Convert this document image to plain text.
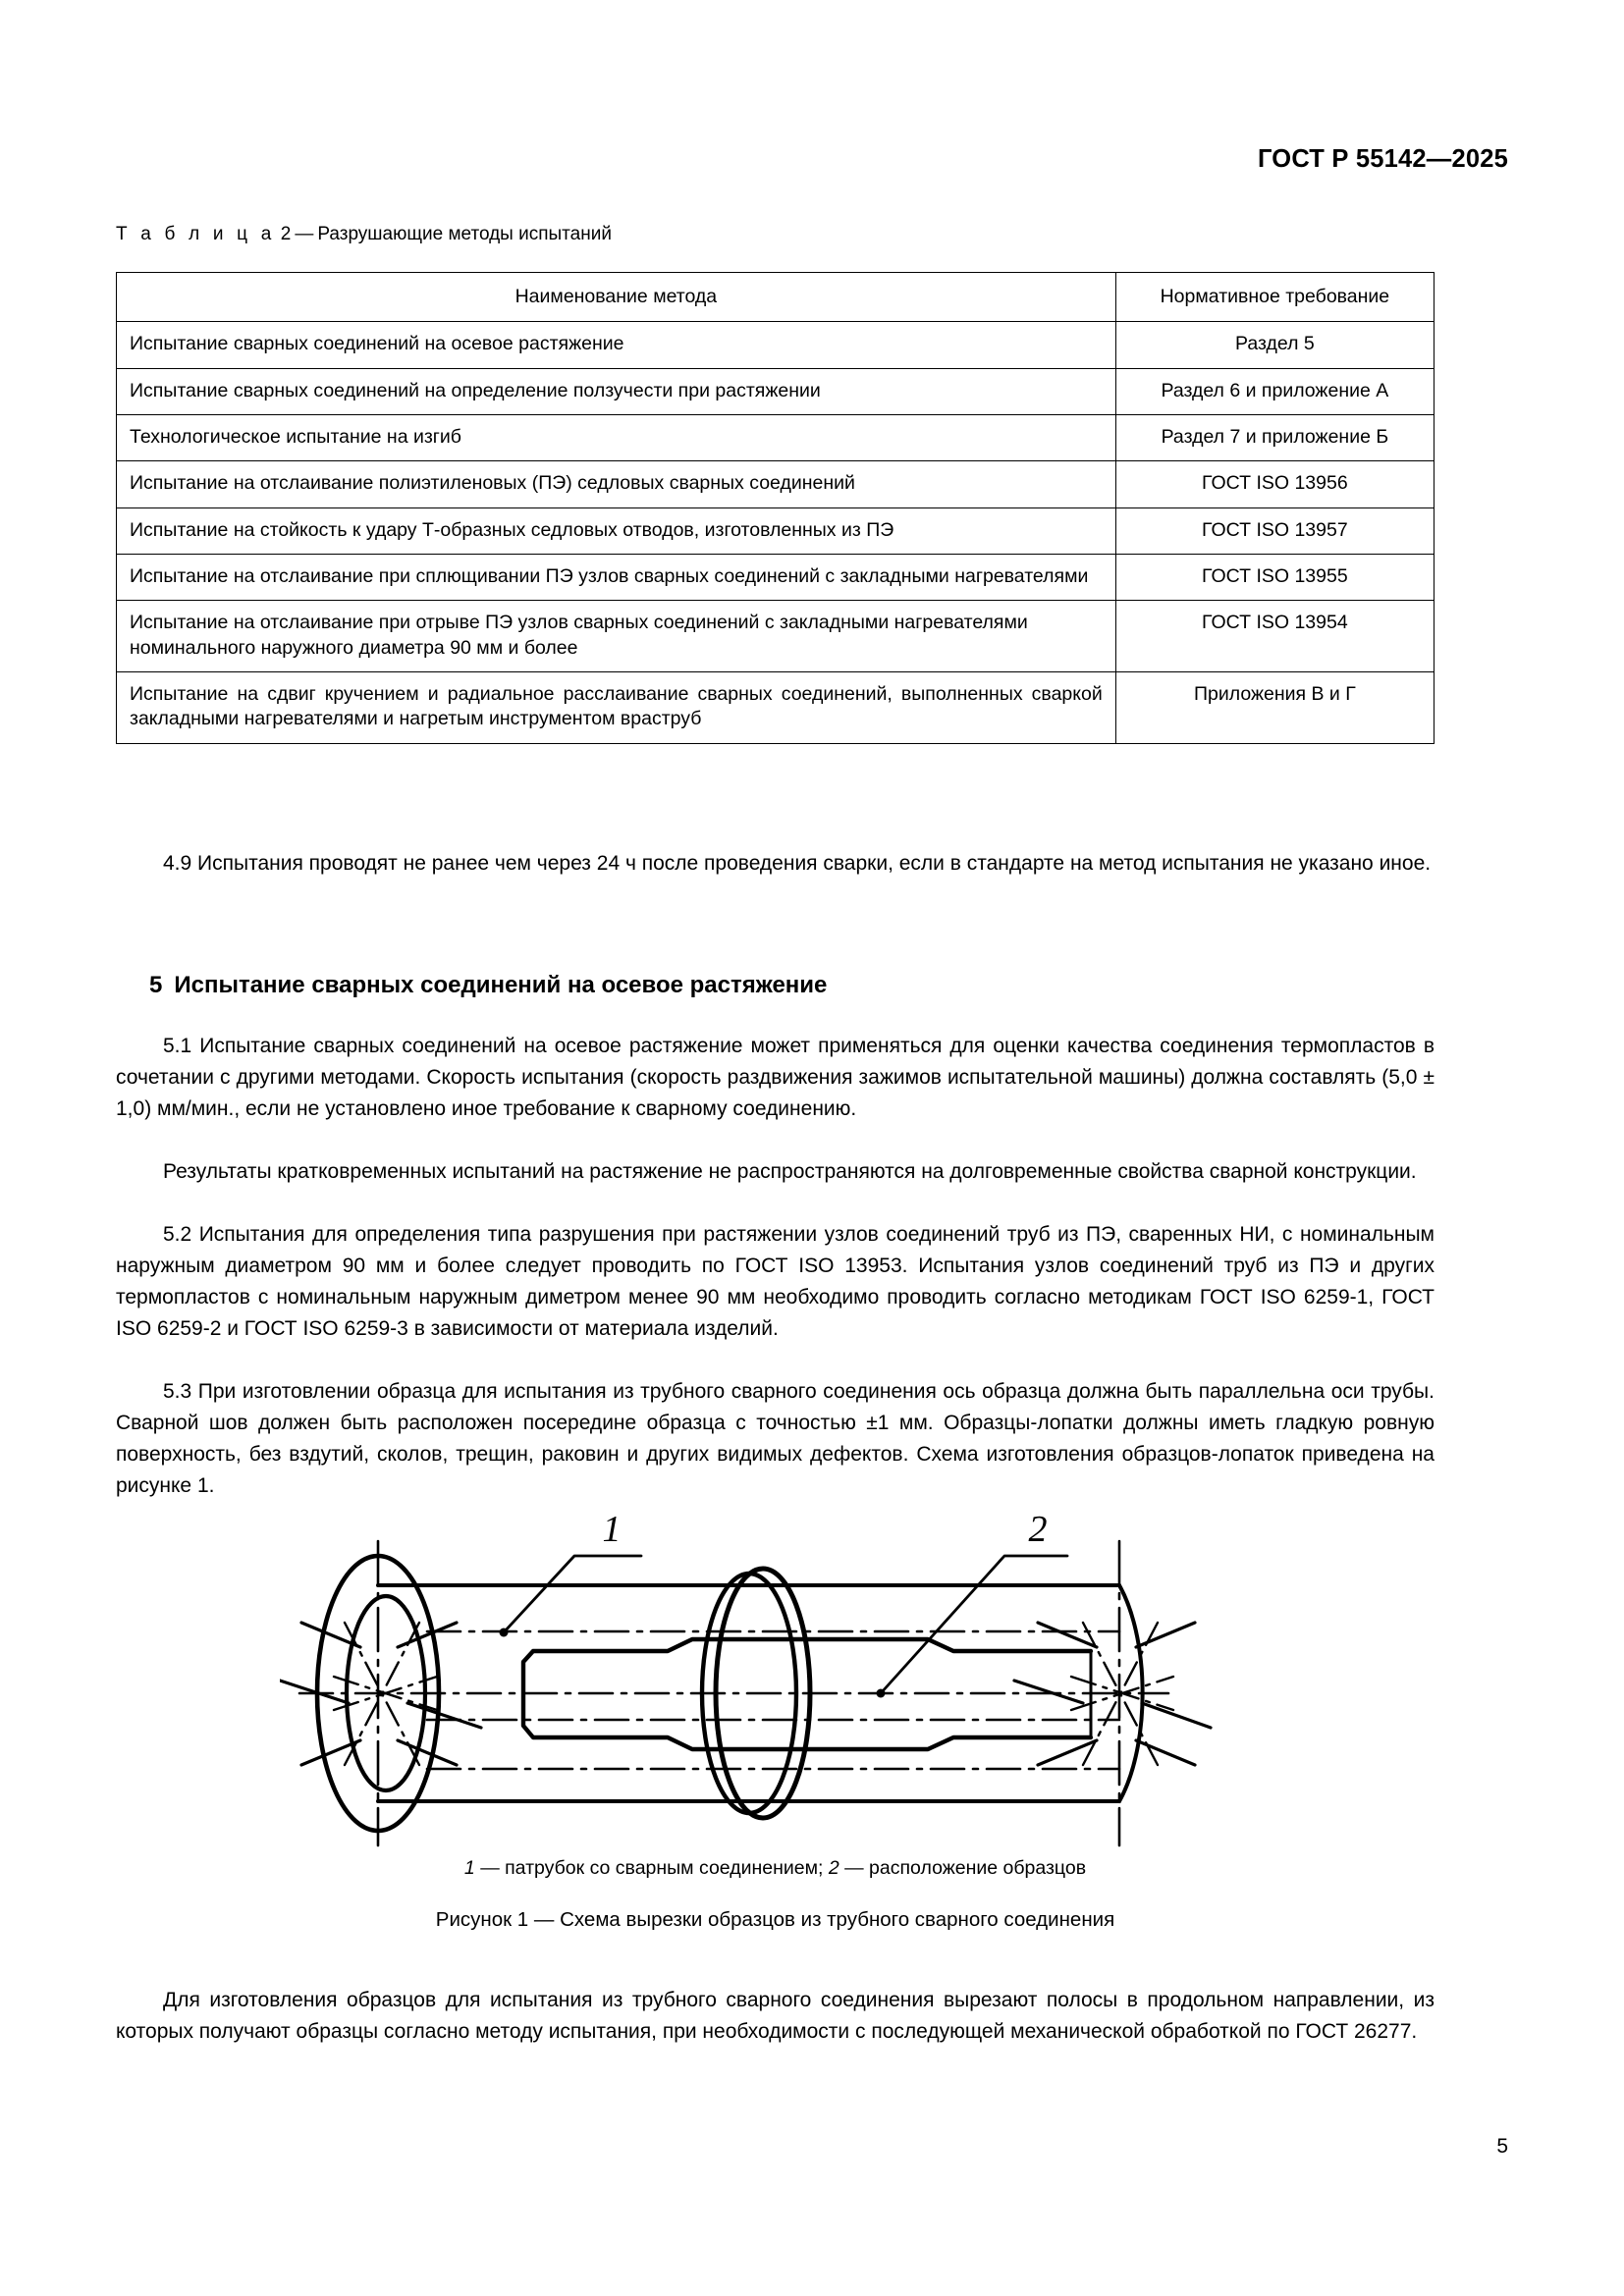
ГОСТ Р 55142—2025
Т а б л и ц а 2 — Разрушающие методы испытаний
Наименование метода	Нормативное требование
Испытание сварных соединений на осевое растяжение	Раздел 5
Испытание сварных соединений на определение ползучести при растяжении	Раздел 6 и приложение А
Технологическое испытание на изгиб	Раздел 7 и приложение Б
Испытание на отслаивание полиэтиленовых (ПЭ) седловых сварных соединений	ГОСТ ISO 13956
Испытание на стойкость к удару Т-образных седловых отводов, изготовленных из ПЭ	ГОСТ ISO 13957
Испытание на отслаивание при сплющивании ПЭ узлов сварных соединений с закладными нагревателями	ГОСТ ISO 13955
Испытание на отслаивание при отрыве ПЭ узлов сварных соединений с закладными нагревателями номинального наружного диаметра 90 мм и более	ГОСТ ISO 13954
Испытание на сдвиг кручением и радиальное расслаивание сварных соединений, выполненных сваркой закладными нагревателями и нагретым инструментом враструб	Приложения В и Г
4.9 Испытания проводят не ранее чем через 24 ч после проведения сварки, если в стандарте на метод испытания не указано иное.
5 Испытание сварных соединений на осевое растяжение
5.1 Испытание сварных соединений на осевое растяжение может применяться для оценки качества соединения термопластов в сочетании с другими методами. Скорость испытания (скорость раздвижения зажимов испытательной машины) должна составлять (5,0 ± 1,0) мм/мин., если не установлено иное требование к сварному соединению.
Результаты кратковременных испытаний на растяжение не распространяются на долговременные свойства сварной конструкции.
5.2 Испытания для определения типа разрушения при растяжении узлов соединений труб из ПЭ, сваренных НИ, с номинальным наружным диаметром 90 мм и более следует проводить по ГОСТ ISO 13953. Испытания узлов соединений труб из ПЭ и других термопластов с номинальным наружным диметром менее 90 мм необходимо проводить согласно методикам ГОСТ ISO 6259-1, ГОСТ ISO 6259-2 и ГОСТ ISO 6259-3 в зависимости от материала изделий.
5.3 При изготовлении образца для испытания из трубного сварного соединения ось образца должна быть параллельна оси трубы. Сварной шов должен быть расположен посередине образца с точностью ±1 мм. Образцы-лопатки должны иметь гладкую ровную поверхность, без вздутий, сколов, трещин, раковин и других видимых дефектов. Схема изготовления образцов-лопаток приведена на рисунке 1.
1	2
1 — патрубок со сварным соединением; 2 — расположение образцов
Рисунок 1 — Схема вырезки образцов из трубного сварного соединения
Для изготовления образцов для испытания из трубного сварного соединения вырезают полосы в продольном направлении, из которых получают образцы согласно методу испытания, при необходимости с последующей механической обработкой по ГОСТ 26277.
5
